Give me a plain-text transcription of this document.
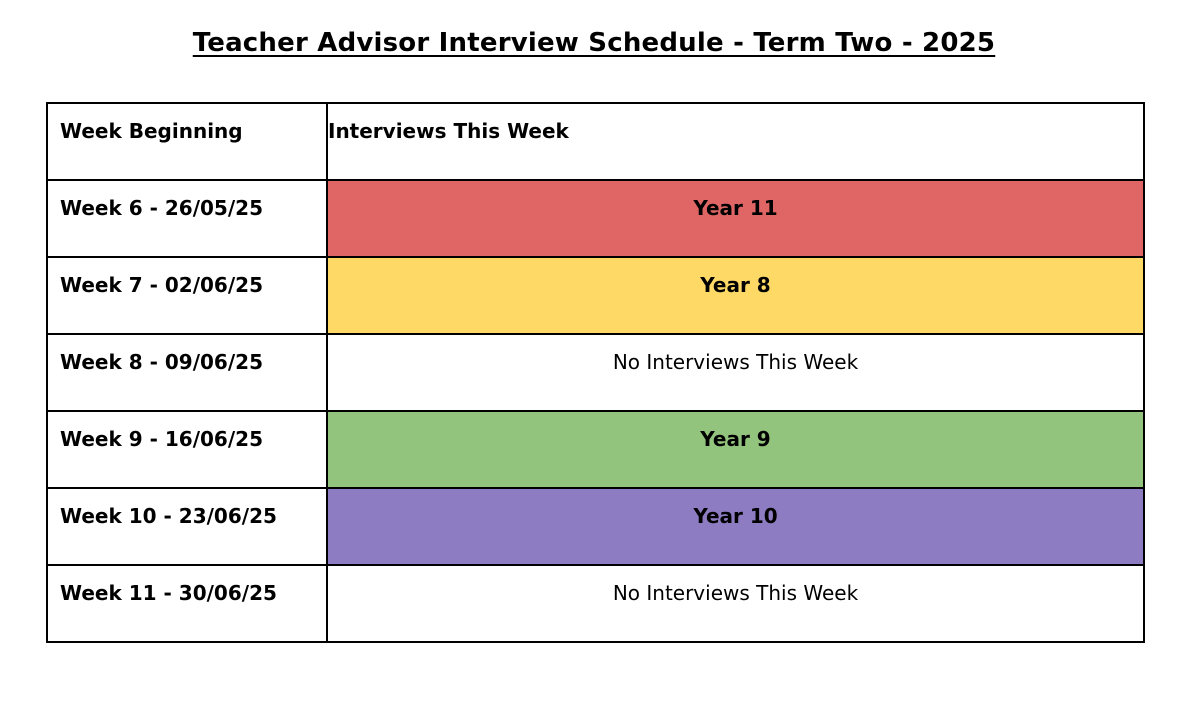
Teacher Advisor Interview Schedule - Term Two - 2025
Week Beginning	Interviews This Week
Week 6 - 26/05/25	Year 11
Week 7 - 02/06/25	Year 8
Week 8 - 09/06/25	No Interviews This Week
Week 9 - 16/06/25	Year 9
Week 10 - 23/06/25	Year 10
Week 11 - 30/06/25	No Interviews This Week
